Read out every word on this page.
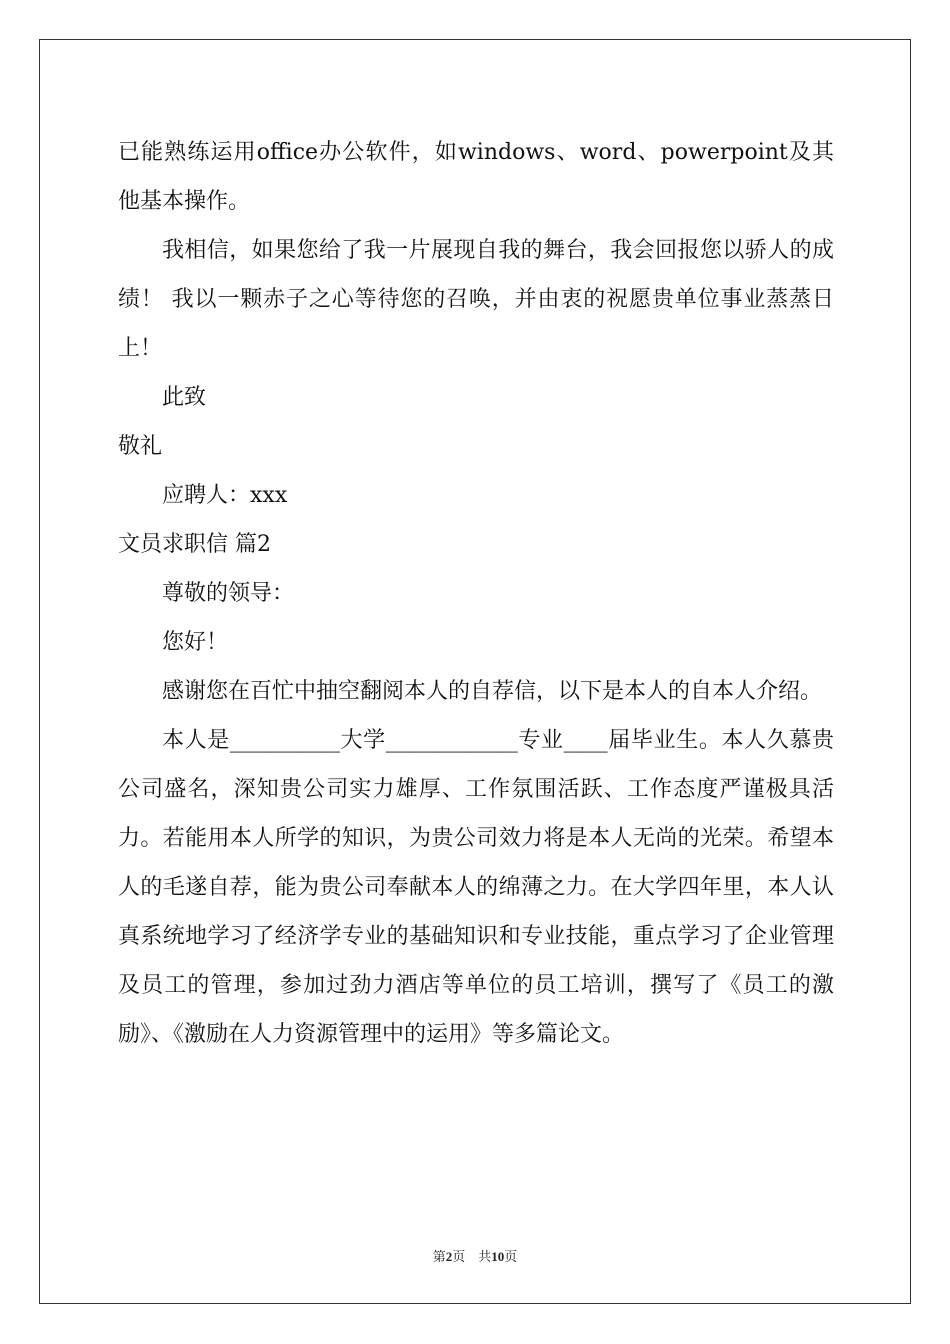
已能熟练运用office办公软件，如windows、word、powerpoint及其他基本操作。

我相信，如果您给了我一片展现自我的舞台，我会回报您以骄人的成绩！ 我以一颗赤子之心等待您的召唤，并由衷的祝愿贵单位事业蒸蒸日上！

此致

敬礼

应聘人：xxx

文员求职信 篇2

尊敬的领导：

您好！

感谢您在百忙中抽空翻阅本人的自荐信，以下是本人的自本人介绍。

本人是__________大学____________专业____届毕业生。本人久慕贵公司盛名，深知贵公司实力雄厚、工作氛围活跃、工作态度严谨极具活力。若能用本人所学的知识，为贵公司效力将是本人无尚的光荣。希望本人的毛遂自荐，能为贵公司奉献本人的绵薄之力。在大学四年里，本人认真系统地学习了经济学专业的基础知识和专业技能，重点学习了企业管理及员工的管理，参加过劲力酒店等单位的员工培训，撰写了《员工的激励》、《激励在人力资源管理中的运用》等多篇论文。

第2页　共10页
